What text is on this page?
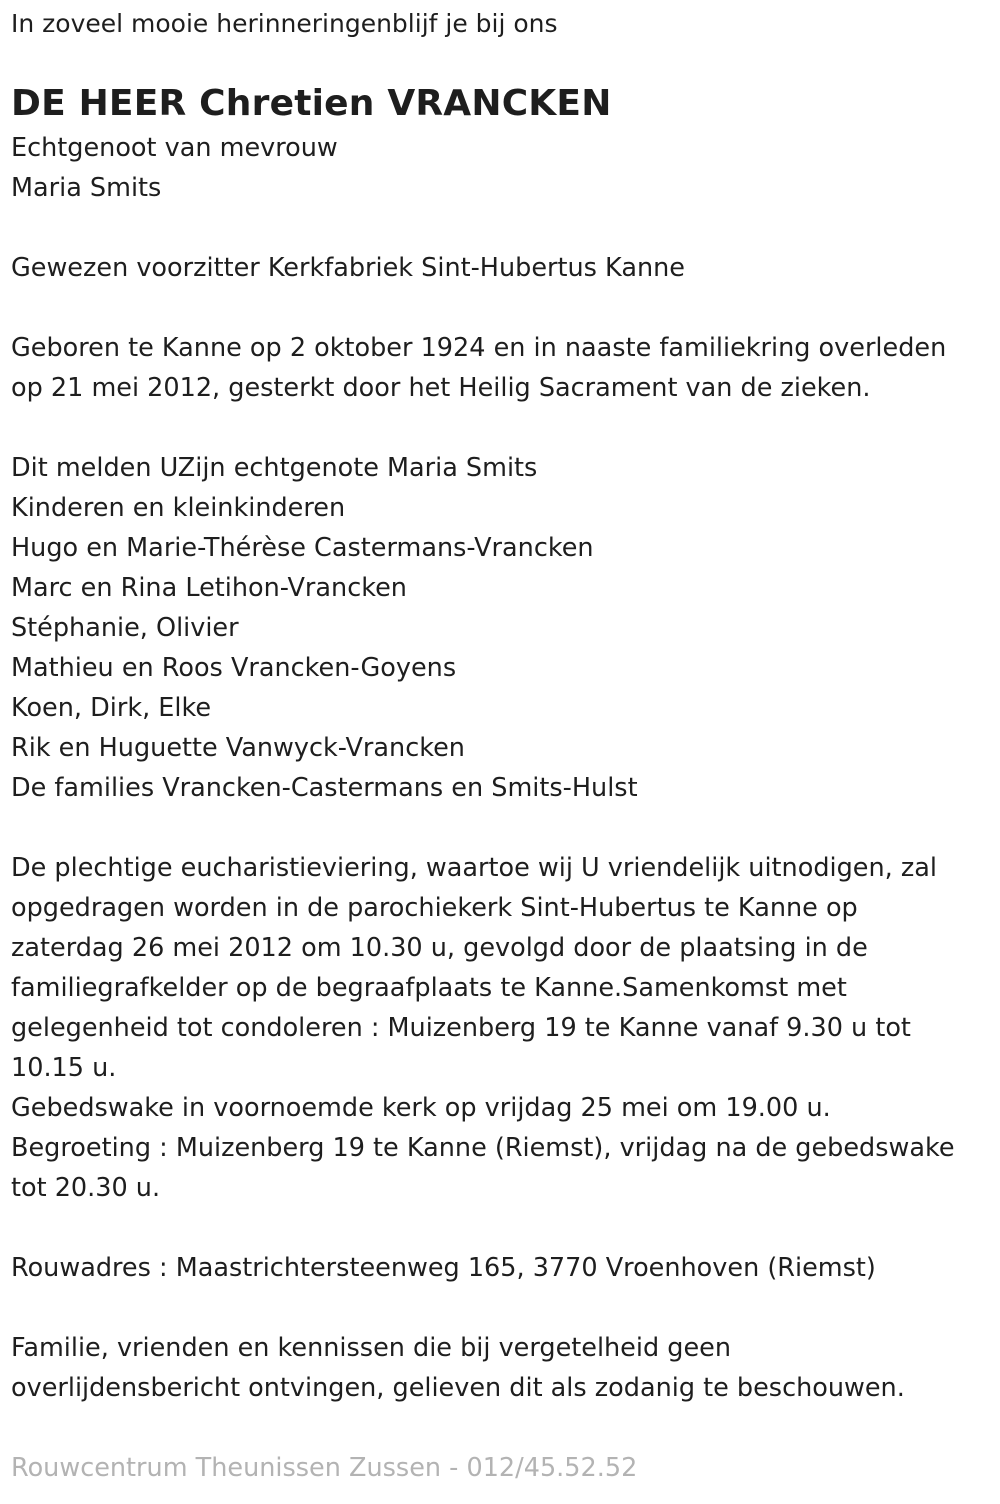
In zoveel mooie herinneringenblijf je bij ons
DE HEER Chretien VRANCKEN
Echtgenoot van mevrouw
Maria Smits
Gewezen voorzitter Kerkfabriek Sint-Hubertus Kanne
Geboren te Kanne op 2 oktober 1924 en in naaste familiekring overleden
op 21 mei 2012, gesterkt door het Heilig Sacrament van de zieken.
Dit melden UZijn echtgenote Maria Smits
Kinderen en kleinkinderen
Hugo en Marie-Thérèse Castermans-Vrancken
Marc en Rina Letihon-Vrancken
Stéphanie, Olivier
Mathieu en Roos Vrancken-Goyens
Koen, Dirk, Elke
Rik en Huguette Vanwyck-Vrancken
De families Vrancken-Castermans en Smits-Hulst
De plechtige eucharistieviering, waartoe wij U vriendelijk uitnodigen, zal
opgedragen worden in de parochiekerk Sint-Hubertus te Kanne op
zaterdag 26 mei 2012 om 10.30 u, gevolgd door de plaatsing in de
familiegrafkelder op de begraafplaats te Kanne.Samenkomst met
gelegenheid tot condoleren : Muizenberg 19 te Kanne vanaf 9.30 u tot
10.15 u.
Gebedswake in voornoemde kerk op vrijdag 25 mei om 19.00 u.
Begroeting : Muizenberg 19 te Kanne (Riemst), vrijdag na de gebedswake
tot 20.30 u.
Rouwadres : Maastrichtersteenweg 165, 3770 Vroenhoven (Riemst)
Familie, vrienden en kennissen die bij vergetelheid geen
overlijdensbericht ontvingen, gelieven dit als zodanig te beschouwen.
Rouwcentrum Theunissen Zussen - 012/45.52.52
